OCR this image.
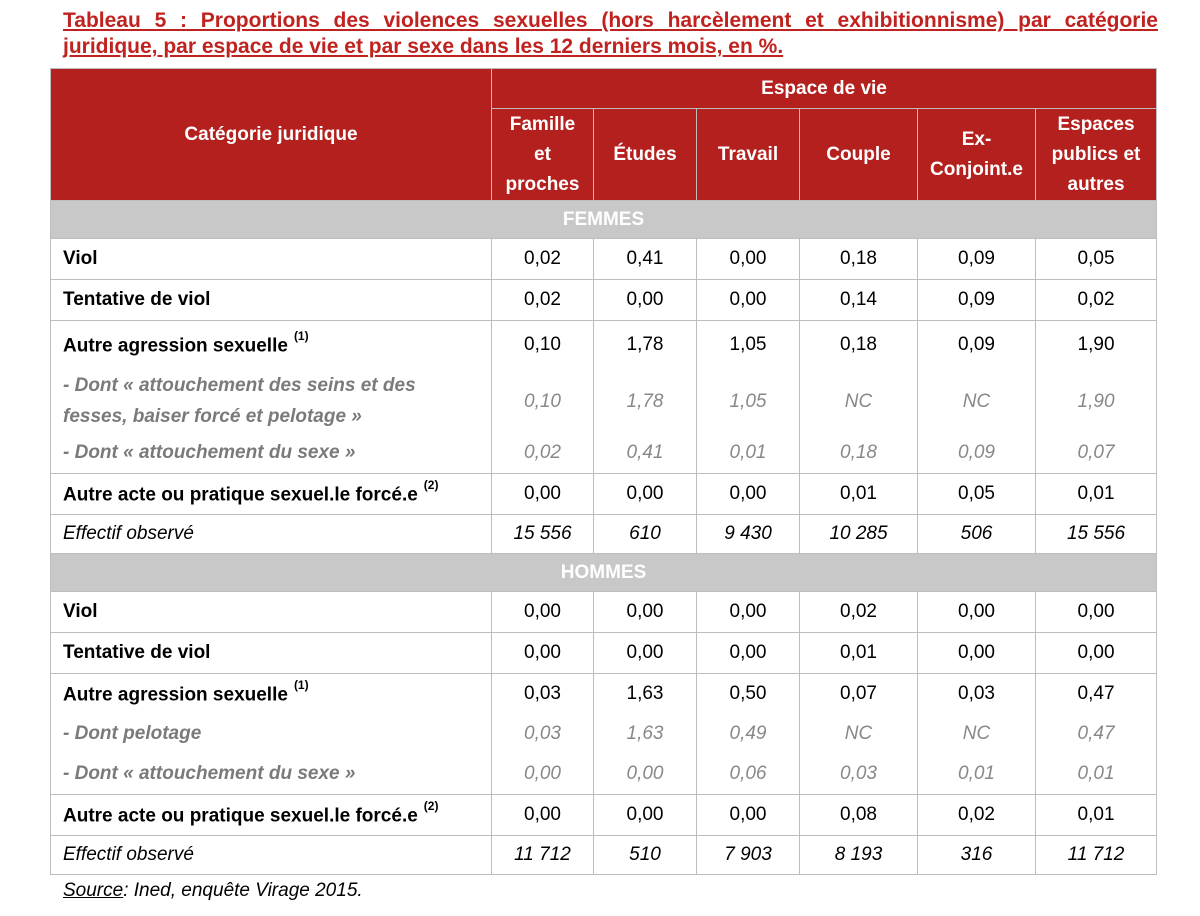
Tableau 5 : Proportions des violences sexuelles (hors harcèlement et exhibitionnisme) par catégorie juridique, par espace de vie et par sexe dans les 12 derniers mois, en %.
Catégorie juridique	Espace de vie					
	Famille et proches	Études	Travail	Couple	Ex-Conjoint.e	Espaces publics et autres
FEMMES						
Viol	0,02	0,41	0,00	0,18	0,09	0,05
Tentative de viol	0,02	0,00	0,00	0,14	0,09	0,02
Autre agression sexuelle $^{(1)}$	0,10	1,78	1,05	0,18	0,09	1,90
- Dont « attouchement des seins et des fesses, baiser forcé et pelotage »	0,10	1,78	1,05	NC	NC	1,90
- Dont « attouchement du sexe »	0,02	0,41	0,01	0,18	0,09	0,07
Autre acte ou pratique sexuel.le forcé.e $^{(2)}$	0,00	0,00	0,00	0,01	0,05	0,01
Effectif observé	15 556	610	9 430	10 285	506	15 556
HOMMES						
Viol	0,00	0,00	0,00	0,02	0,00	0,00
Tentative de viol	0,00	0,00	0,00	0,01	0,00	0,00
Autre agression sexuelle $^{(1)}$	0,03	1,63	0,50	0,07	0,03	0,47
- Dont pelotage	0,03	1,63	0,49	NC	NC	0,47
- Dont « attouchement du sexe »	0,00	0,00	0,06	0,03	0,01	0,01
Autre acte ou pratique sexuel.le forcé.e $^{(2)}$	0,00	0,00	0,00	0,08	0,02	0,01
Effectif observé	11 712	510	7 903	8 193	316	11 712
Source: Ined, enquête Virage 2015.
